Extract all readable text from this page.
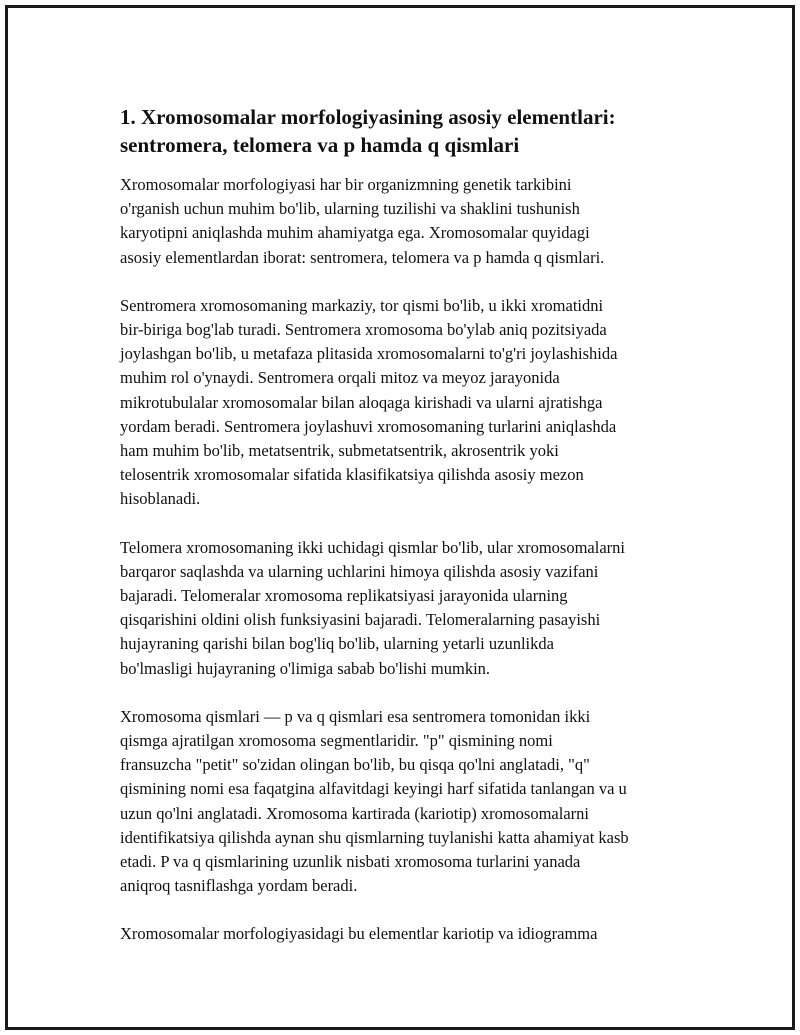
1. Xromosomalar morfologiyasining asosiy elementlari:
sentromera, telomera va p hamda q qismlari

Xromosomalar morfologiyasi har bir organizmning genetik tarkibini
o'rganish uchun muhim bo'lib, ularning tuzilishi va shaklini tushunish
karyotipni aniqlashda muhim ahamiyatga ega. Xromosomalar quyidagi
asosiy elementlardan iborat: sentromera, telomera va p hamda q qismlari.

Sentromera xromosomaning markaziy, tor qismi bo'lib, u ikki xromatidni
bir-biriga bog'lab turadi. Sentromera xromosoma bo'ylab aniq pozitsiyada
joylashgan bo'lib, u metafaza plitasida xromosomalarni to'g'ri joylashishida
muhim rol o'ynaydi. Sentromera orqali mitoz va meyoz jarayonida
mikrotubulalar xromosomalar bilan aloqaga kirishadi va ularni ajratishga
yordam beradi. Sentromera joylashuvi xromosomaning turlarini aniqlashda
ham muhim bo'lib, metatsentrik, submetatsentrik, akrosentrik yoki
telosentrik xromosomalar sifatida klasifikatsiya qilishda asosiy mezon
hisoblanadi.

Telomera xromosomaning ikki uchidagi qismlar bo'lib, ular xromosomalarni
barqaror saqlashda va ularning uchlarini himoya qilishda asosiy vazifani
bajaradi. Telomeralar xromosoma replikatsiyasi jarayonida ularning
qisqarishini oldini olish funksiyasini bajaradi. Telomeralarning pasayishi
hujayraning qarishi bilan bog'liq bo'lib, ularning yetarli uzunlikda
bo'lmasligi hujayraning o'limiga sabab bo'lishi mumkin.

Xromosoma qismlari — p va q qismlari esa sentromera tomonidan ikki
qismga ajratilgan xromosoma segmentlaridir. "p" qismining nomi
fransuzcha "petit" so'zidan olingan bo'lib, bu qisqa qo'lni anglatadi, "q"
qismining nomi esa faqatgina alfavitdagi keyingi harf sifatida tanlangan va u
uzun qo'lni anglatadi. Xromosoma kartirada (kariotip) xromosomalarni
identifikatsiya qilishda aynan shu qismlarning tuylanishi katta ahamiyat kasb
etadi. P va q qismlarining uzunlik nisbati xromosoma turlarini yanada
aniqroq tasniflashga yordam beradi.

Xromosomalar morfologiyasidagi bu elementlar kariotip va idiogramma
